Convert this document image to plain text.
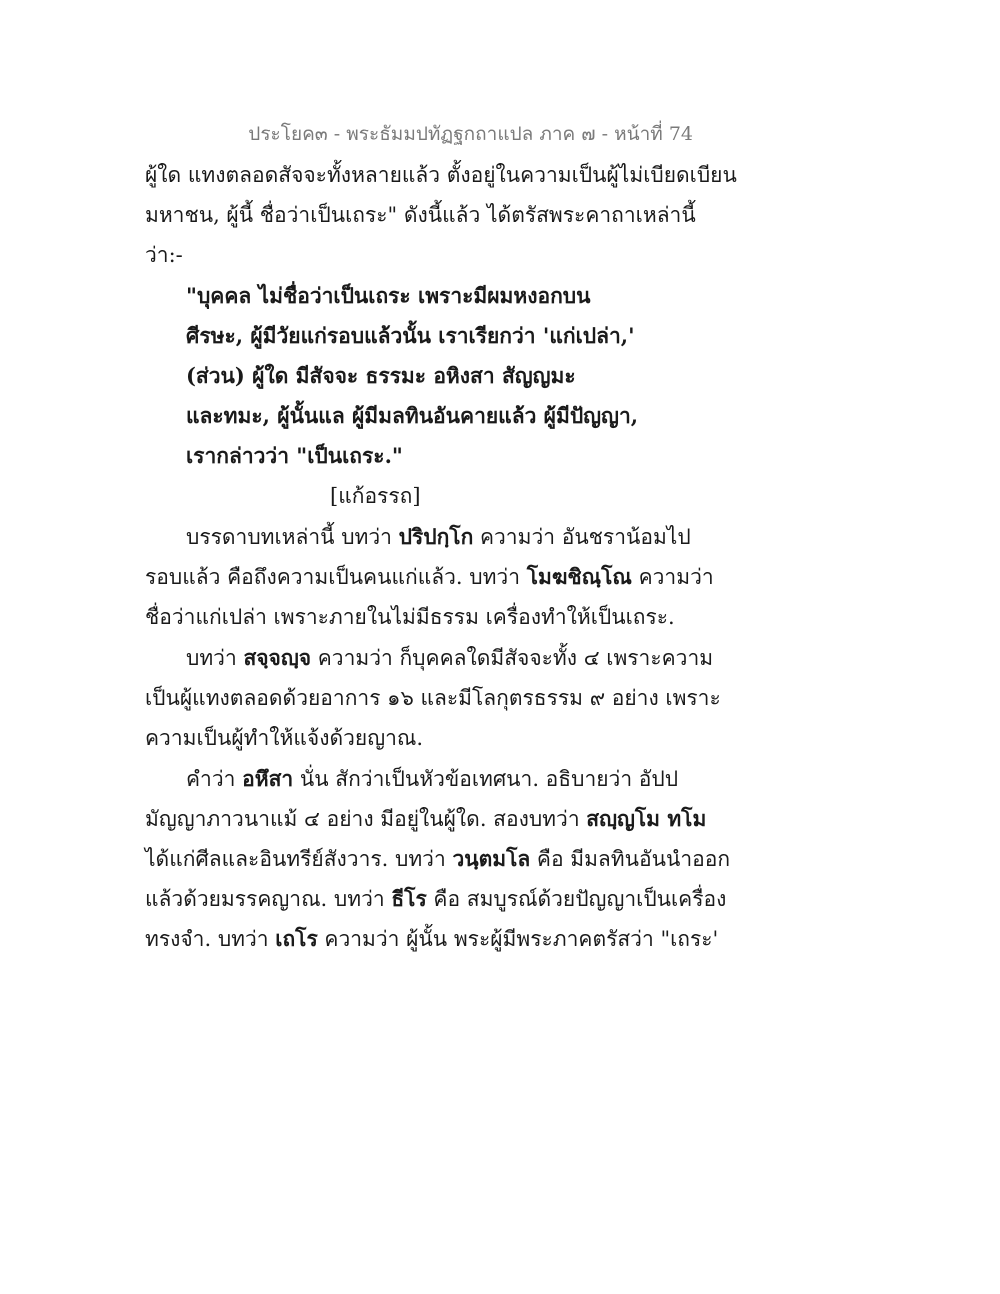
ประโยค๓ - พระธัมมปทัฏฐกถาแปล ภาค ๗ - หน้าที่ 74
ผู้ใด แทงตลอดสัจจะทั้งหลายแล้ว ตั้งอยู่ในความเป็นผู้ไม่เบียดเบียน
มหาชน, ผู้นี้ ชื่อว่าเป็นเถระ" ดังนี้แล้ว ได้ตรัสพระคาถาเหล่านี้
ว่า:-
"บุคคล ไม่ชื่อว่าเป็นเถระ เพราะมีผมหงอกบน
ศีรษะ, ผู้มีวัยแก่รอบแล้วนั้น เราเรียกว่า 'แก่เปล่า,'
(ส่วน) ผู้ใด มีสัจจะ ธรรมะ อหิงสา สัญญมะ
และทมะ, ผู้นั้นแล ผู้มีมลทินอันคายแล้ว ผู้มีปัญญา,
เรากล่าวว่า "เป็นเถระ."
[แก้อรรถ]
บรรดาบทเหล่านี้ บทว่า ปริปกฺโก ความว่า อันชราน้อมไป
รอบแล้ว คือถึงความเป็นคนแก่แล้ว. บทว่า โมฆชิณฺโณ ความว่า
ชื่อว่าแก่เปล่า เพราะภายในไม่มีธรรม เครื่องทำให้เป็นเถระ.
บทว่า สจฺจญฺจ ความว่า ก็บุคคลใดมีสัจจะทั้ง ๔ เพราะความ
เป็นผู้แทงตลอดด้วยอาการ ๑๖ และมีโลกุตรธรรม ๙ อย่าง เพราะ
ความเป็นผู้ทำให้แจ้งด้วยญาณ.
คำว่า อหึสา นั่น สักว่าเป็นหัวข้อเทศนา. อธิบายว่า อัปป
มัญญาภาวนาแม้ ๔ อย่าง มีอยู่ในผู้ใด. สองบทว่า สญฺญโม ทโม
ได้แก่ศีลและอินทรีย์สังวาร. บทว่า วนฺตมโล คือ มีมลทินอันนำออก
แล้วด้วยมรรคญาณ. บทว่า ธีโร คือ สมบูรณ์ด้วยปัญญาเป็นเครื่อง
ทรงจำ. บทว่า เถโร ความว่า ผู้นั้น พระผู้มีพระภาคตรัสว่า "เถระ'
